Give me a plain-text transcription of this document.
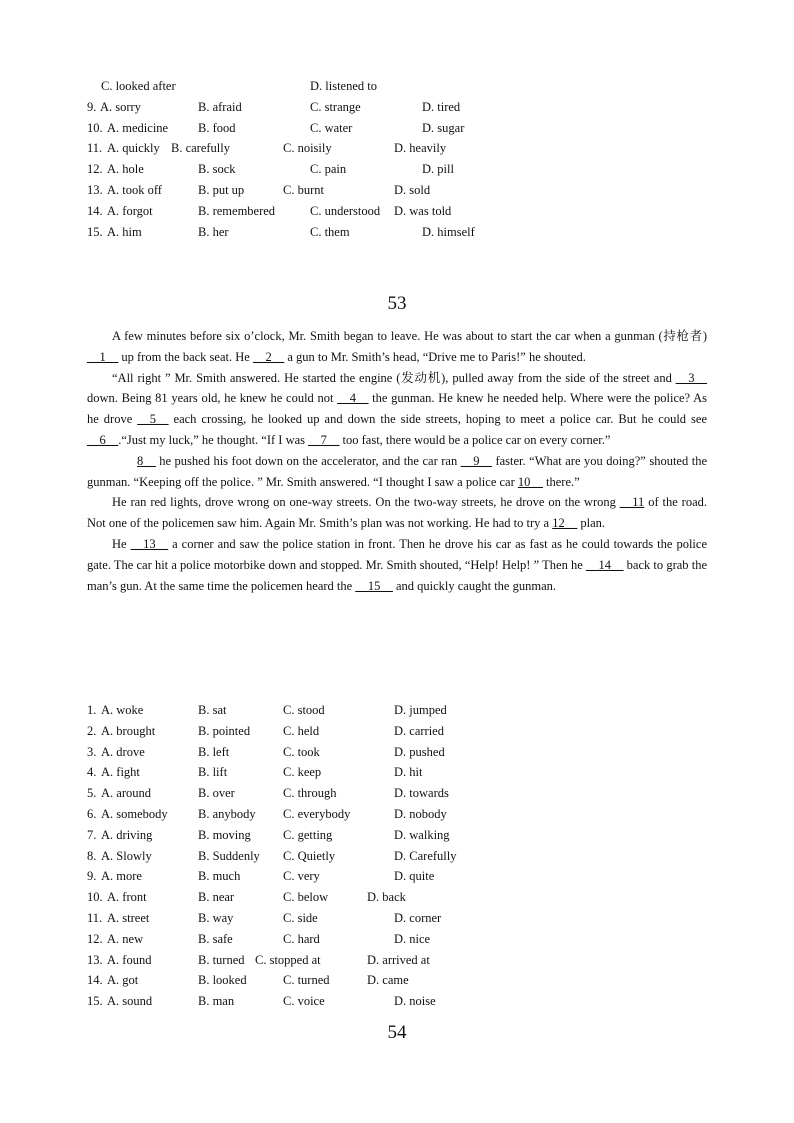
C. looked after	D. listened to
9. A. sorry	B. afraid	C. strange	D. tired
10. A. medicine B. food	C. water	D. sugar
11. A. quickly B. carefully	C. noisily	D. heavily
12. A. hole	B. sock	C. pain	D. pill
13. A. took off	B. put up	C. burnt	D. sold
14. A. forgot	B. remembered	C. understood D. was told
15. A. him	B. her	C. them	D. himself
53

A few minutes before six o’clock, Mr. Smith began to leave. He was about to start the car when a gunman (持枪者) __1__ up from the back seat. He __2__ a gun to Mr. Smith’s head, “Drive me to Paris!” he shouted.

“All right ” Mr. Smith answered. He started the engine (发动机), pulled away from the side of the street and __3__ down. Being 81 years old, he knew he could not __4__ the gunman. He knew he needed help. Where were the police? As he drove __5__ each crossing, he looked up and down the side streets, hoping to meet a police car. But he could see __6__.“Just my luck,” he thought. “If I was __7__ too fast, there would be a police car on every corner.”

8__ he pushed his foot down on the accelerator, and the car ran __9__ faster. “What are you doing?” shouted the gunman. “Keeping off the police. ” Mr. Smith answered. “I thought I saw a police car 10__ there.”

He ran red lights, drove wrong on one-way streets. On the two-way streets, he drove on the wrong __11 of the road. Not one of the policemen saw him. Again Mr. Smith’s plan was not working. He had to try a 12__ plan.

He __13__ a corner and saw the police station in front. Then he drove his car as fast as he could towards the police gate. The car hit a police motorbike down and stopped. Mr. Smith shouted, “Help! Help! ” Then he __14__ back to grab the man’s gun. At the same time the policemen heard the __15__ and quickly caught the gunman.

1. A. woke	B. sat	C. stood	D. jumped
2. A. brought	B. pointed	C. held	D. carried
3. A. drove	B. left	C. took	D. pushed
4. A. fight	B. lift	C. keep	D. hit
5. A. around	B. over	C. through	D. towards
6. A. somebody B. anybody C. everybody	D. nobody
7. A. driving	B. moving	C. getting	D. walking
8. A. Slowly	B. Suddenly C. Quietly	D. Carefully
9. A. more	B. much	C. very	D. quite
10. A. front	B. near	C. below	D. back
11. A. street	B. way	C. side	D. corner
12. A. new	B. safe	C. hard	D. nice
13. A. found	B. turned C. stopped at	D. arrived at
14. A. got	B. looked	C. turned	D. came
15. A. sound	B. man	C. voice	D. noise
54
